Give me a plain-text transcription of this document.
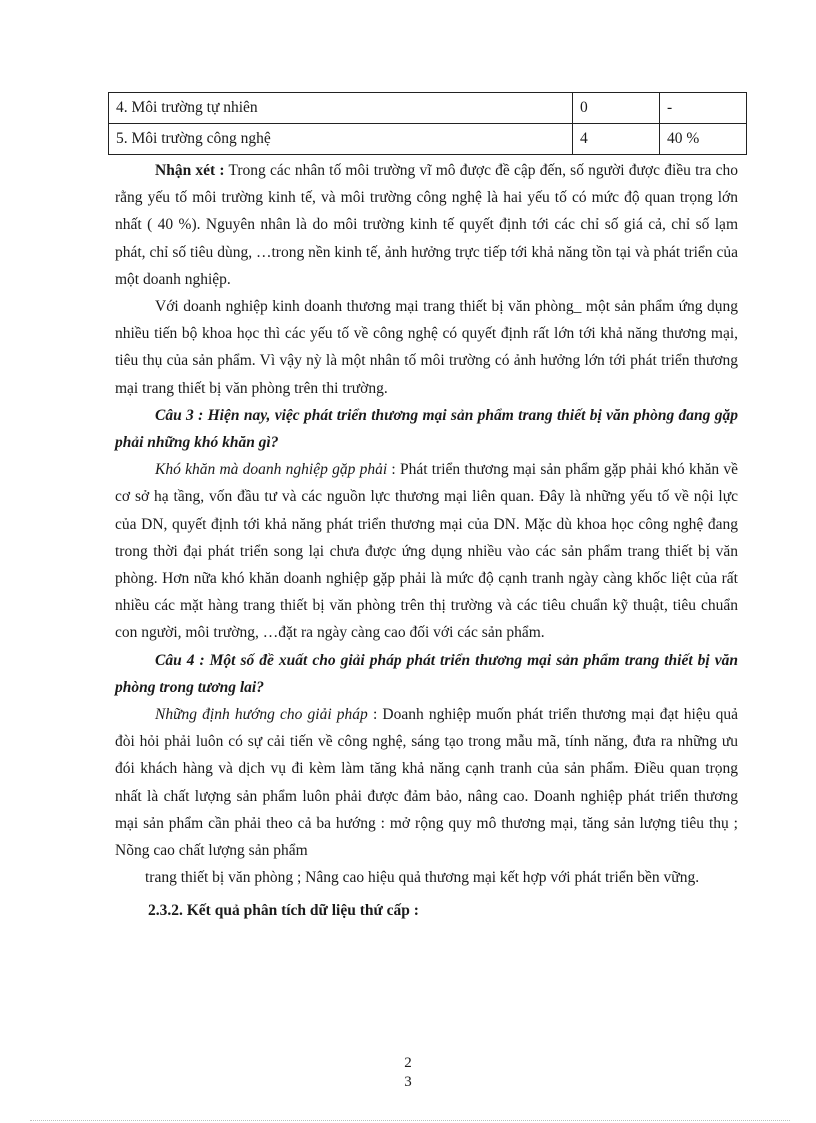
4. Môi trường tự nhiên	0	-
5. Môi trường công nghệ	4	40 %

Nhận xét : Trong các nhân tố môi trường vĩ mô được đề cập đến, số người được điều tra cho rằng yếu tố môi trường kinh tế, và môi trường công nghệ là hai yếu tố có mức độ quan trọng lớn nhất ( 40 %). Nguyên nhân là do môi trường kinh tế quyết định tới các chỉ số giá cả, chỉ số lạm phát, chỉ số tiêu dùng, …trong nền kinh tế, ảnh hưởng trực tiếp tới khả năng tồn tại và phát triển của một doanh nghiệp.

Với doanh nghiệp kinh doanh thương mại trang thiết bị văn phòng_ một sản phẩm ứng dụng nhiều tiến bộ khoa học thì các yếu tố về công nghệ có quyết định rất lớn tới khả năng thương mại, tiêu thụ của sản phẩm. Vì vậy nỳ là một nhân tố môi trường có ảnh hưởng lớn tới phát triển thương mại trang thiết bị văn phòng trên thi trường.

Câu 3 : Hiện nay, việc phát triển thương mại sản phẩm trang thiết bị văn phòng đang gặp phải những khó khăn gì?

Khó khăn mà doanh nghiệp gặp phải : Phát triển thương mại sản phẩm gặp phải khó khăn về cơ sở hạ tầng, vốn đầu tư và các nguồn lực thương mại liên quan. Đây là những yếu tố về nội lực của DN, quyết định tới khả năng phát triển thương mại của DN. Mặc dù khoa học công nghệ đang trong thời đại phát triển song lại chưa được ứng dụng nhiều vào các sản phẩm trang thiết bị văn phòng. Hơn nữa khó khăn doanh nghiệp gặp phải là mức độ cạnh tranh ngày càng khốc liệt của rất nhiều các mặt hàng trang thiết bị văn phòng trên thị trường và các tiêu chuẩn kỹ thuật, tiêu chuẩn con người, môi trường, …đặt ra ngày càng cao đối với các sản phẩm.

Câu 4 : Một số đề xuất cho giải pháp phát triển thương mại sản phẩm trang thiết bị văn phòng trong tương lai?

Những định hướng cho giải pháp : Doanh nghiệp muốn phát triển thương mại đạt hiệu quả đòi hỏi phải luôn có sự cải tiến về công nghệ, sáng tạo trong mẫu mã, tính năng, đưa ra những ưu đói khách hàng và dịch vụ đi kèm làm tăng khả năng cạnh tranh của sản phẩm. Điều quan trọng nhất là chất lượng sản phẩm luôn phải được đảm bảo, nâng cao. Doanh nghiệp phát triển thương mại sản phẩm cần phải theo cả ba hướng : mở rộng quy mô thương mại, tăng sản lượng tiêu thụ ; Nõng cao chất lượng sản phẩm

trang thiết bị văn phòng ; Nâng cao hiệu quả thương mại kết hợp với phát triển bền vững.

2.3.2. Kết quả phân tích dữ liệu thứ cấp :

2
3
